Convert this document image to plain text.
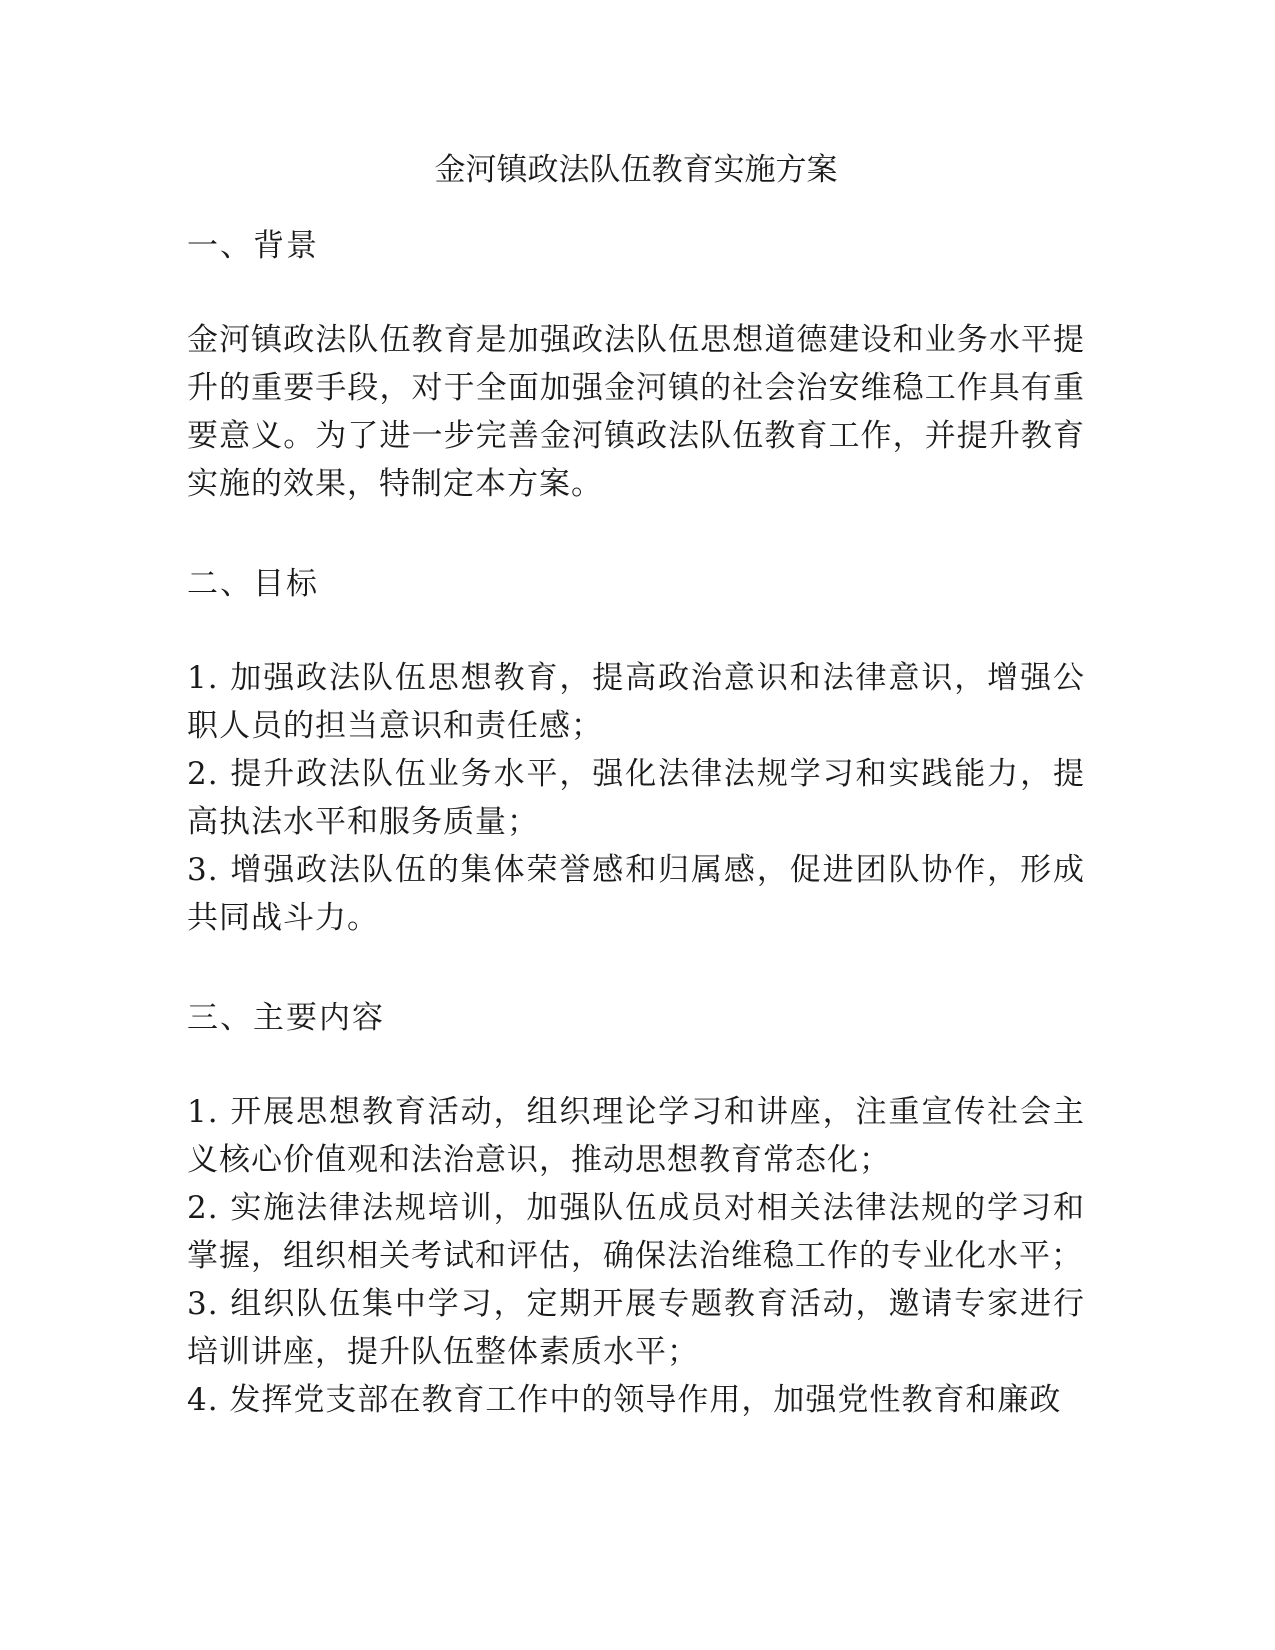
金河镇政法队伍教育实施方案
一、背景

金河镇政法队伍教育是加强政法队伍思想道德建设和业务水平提升的重要手段，对于全面加强金河镇的社会治安维稳工作具有重要意义。为了进一步完善金河镇政法队伍教育工作，并提升教育实施的效果，特制定本方案。

二、目标
1. 加强政法队伍思想教育，提高政治意识和法律意识，增强公职人员的担当意识和责任感；
2. 提升政法队伍业务水平，强化法律法规学习和实践能力，提高执法水平和服务质量；
3. 增强政法队伍的集体荣誉感和归属感，促进团队协作，形成共同战斗力。
三、主要内容
1. 开展思想教育活动，组织理论学习和讲座，注重宣传社会主义核心价值观和法治意识，推动思想教育常态化；
2. 实施法律法规培训，加强队伍成员对相关法律法规的学习和掌握，组织相关考试和评估，确保法治维稳工作的专业化水平；
3. 组织队伍集中学习，定期开展专题教育活动，邀请专家进行培训讲座，提升队伍整体素质水平；
4. 发挥党支部在教育工作中的领导作用，加强党性教育和廉政
